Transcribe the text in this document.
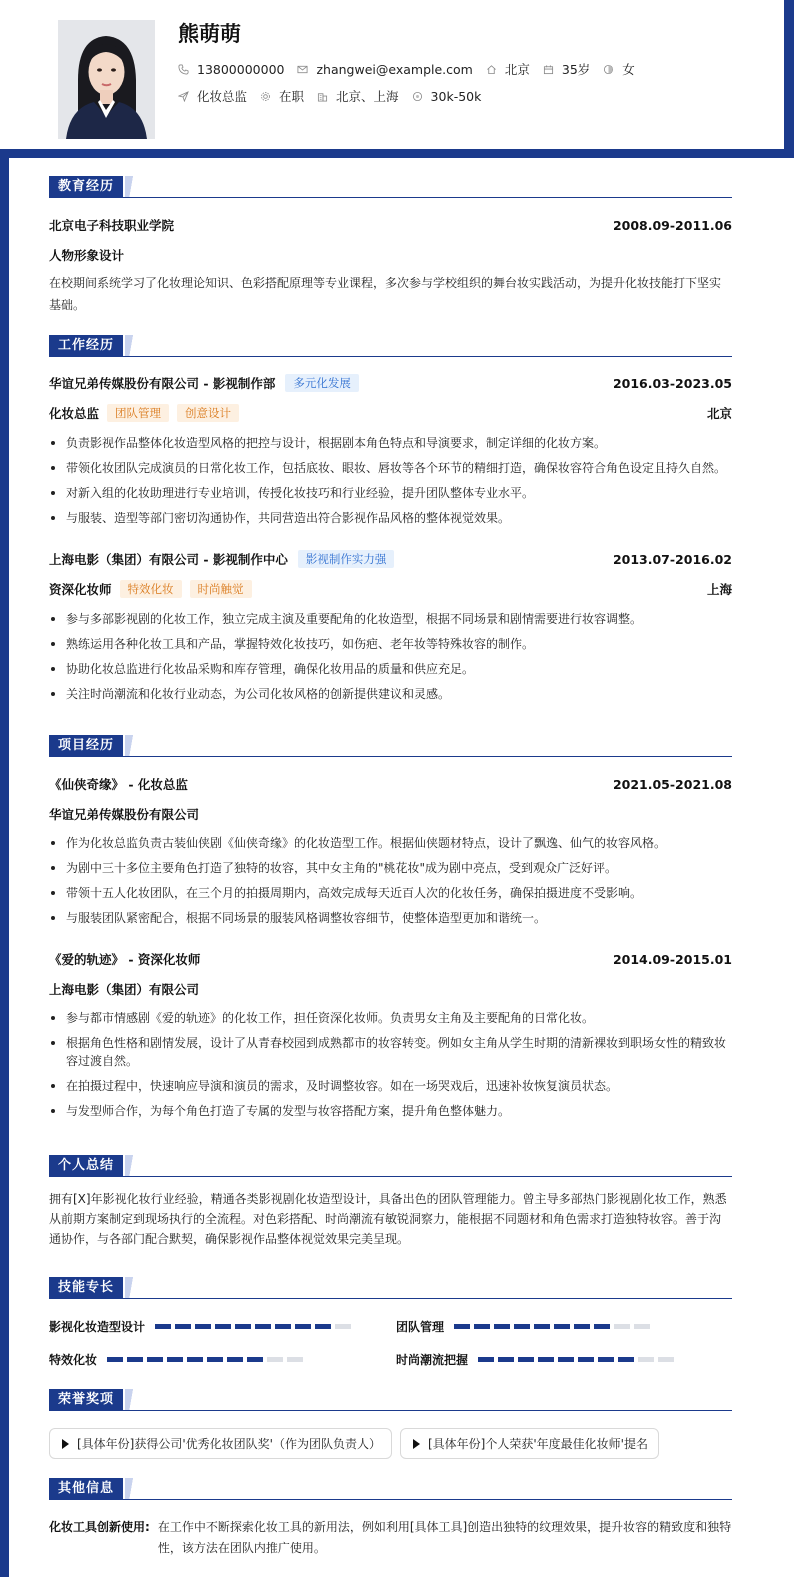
熊萌萌
13800000000	zhangwei@example.com	北京	35岁	女
化妆总监	在职	北京、上海	30k-50k
教育经历
北京电子科技职业学院	2008.09-2011.06
人物形象设计
在校期间系统学习了化妆理论知识、色彩搭配原理等专业课程，多次参与学校组织的舞台妆实践活动，为提升化妆技能打下坚实基础。
工作经历
华谊兄弟传媒股份有限公司 - 影视制作部	多元化发展	2016.03-2023.05
化妆总监	团队管理	创意设计	北京
负责影视作品整体化妆造型风格的把控与设计，根据剧本角色特点和导演要求，制定详细的化妆方案。
带领化妆团队完成演员的日常化妆工作，包括底妆、眼妆、唇妆等各个环节的精细打造，确保妆容符合角色设定且持久自然。
对新入组的化妆助理进行专业培训，传授化妆技巧和行业经验，提升团队整体专业水平。
与服装、造型等部门密切沟通协作，共同营造出符合影视作品风格的整体视觉效果。
上海电影（集团）有限公司 - 影视制作中心	影视制作实力强	2013.07-2016.02
资深化妆师	特效化妆	时尚触觉	上海
参与多部影视剧的化妆工作，独立完成主演及重要配角的化妆造型，根据不同场景和剧情需要进行妆容调整。
熟练运用各种化妆工具和产品，掌握特效化妆技巧，如伤疤、老年妆等特殊妆容的制作。
协助化妆总监进行化妆品采购和库存管理，确保化妆用品的质量和供应充足。
关注时尚潮流和化妆行业动态，为公司化妆风格的创新提供建议和灵感。
项目经历
《仙侠奇缘》 - 化妆总监	2021.05-2021.08
华谊兄弟传媒股份有限公司
作为化妆总监负责古装仙侠剧《仙侠奇缘》的化妆造型工作。根据仙侠题材特点，设计了飘逸、仙气的妆容风格。
为剧中三十多位主要角色打造了独特的妆容，其中女主角的"桃花妆"成为剧中亮点，受到观众广泛好评。
带领十五人化妆团队，在三个月的拍摄周期内，高效完成每天近百人次的化妆任务，确保拍摄进度不受影响。
与服装团队紧密配合，根据不同场景的服装风格调整妆容细节，使整体造型更加和谐统一。
《爱的轨迹》 - 资深化妆师	2014.09-2015.01
上海电影（集团）有限公司
参与都市情感剧《爱的轨迹》的化妆工作，担任资深化妆师。负责男女主角及主要配角的日常化妆。
根据角色性格和剧情发展，设计了从青春校园到成熟都市的妆容转变。例如女主角从学生时期的清新裸妆到职场女性的精致妆容过渡自然。
在拍摄过程中，快速响应导演和演员的需求，及时调整妆容。如在一场哭戏后，迅速补妆恢复演员状态。
与发型师合作，为每个角色打造了专属的发型与妆容搭配方案，提升角色整体魅力。
个人总结
拥有[X]年影视化妆行业经验，精通各类影视剧化妆造型设计，具备出色的团队管理能力。曾主导多部热门影视剧化妆工作，熟悉从前期方案制定到现场执行的全流程。对色彩搭配、时尚潮流有敏锐洞察力，能根据不同题材和角色需求打造独特妆容。善于沟通协作，与各部门配合默契，确保影视作品整体视觉效果完美呈现。
技能专长
影视化妆造型设计	团队管理
特效化妆	时尚潮流把握
荣誉奖项
[具体年份]获得公司'优秀化妆团队奖'（作为团队负责人）	[具体年份]个人荣获'年度最佳化妆师'提名
其他信息
化妆工具创新使用: 在工作中不断探索化妆工具的新用法，例如利用[具体工具]创造出独特的纹理效果，提升妆容的精致度和独特性，该方法在团队内推广使用。
